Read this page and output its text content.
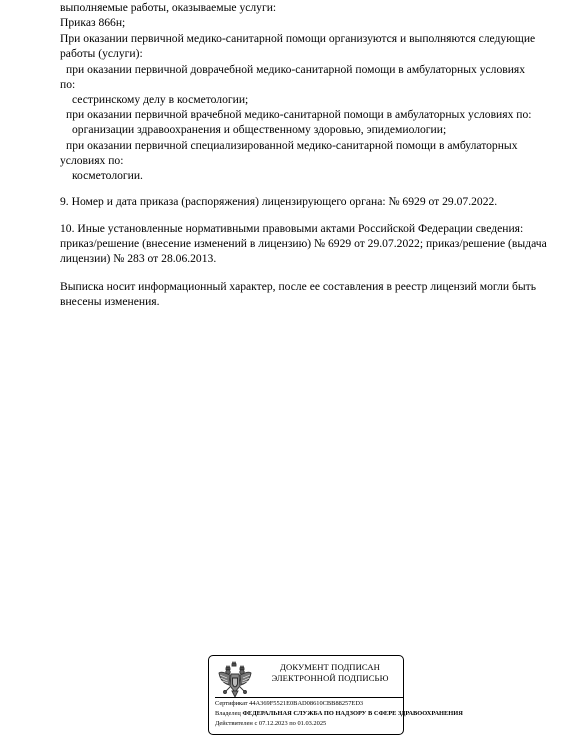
выполняемые работы, оказываемые услуги:
Приказ 866н;
При оказании первичной медико-санитарной помощи организуются и выполняются следующие
работы (услуги):
при оказании первичной доврачебной медико-санитарной помощи в амбулаторных условиях
по:
сестринскому делу в косметологии;
при оказании первичной врачебной медико-санитарной помощи в амбулаторных условиях по:
организации здравоохранения и общественному здоровью, эпидемиологии;
при оказании первичной специализированной медико-санитарной помощи в амбулаторных
условиях по:
косметологии.
9. Номер и дата приказа (распоряжения) лицензирующего органа: № 6929 от 29.07.2022.
10. Иные установленные нормативными правовыми актами Российской Федерации сведения:
приказ/решение (внесение изменений в лицензию) № 6929 от 29.07.2022; приказ/решение (выдача
лицензии) № 283 от 28.06.2013.
Выписка носит информационный характер, после ее составления в реестр лицензий могли быть
внесены изменения.
ДОКУМЕНТ ПОДПИСАН
ЭЛЕКТРОННОЙ ПОДПИСЬЮ
Сертификат 44A369F5521E0BAD08610CBB88257ED3
Владелец ФЕДЕРАЛЬНАЯ СЛУЖБА ПО НАДЗОРУ В СФЕРЕ ЗДРАВООХРАНЕНИЯ
Действителен с 07.12.2023 по 01.03.2025
